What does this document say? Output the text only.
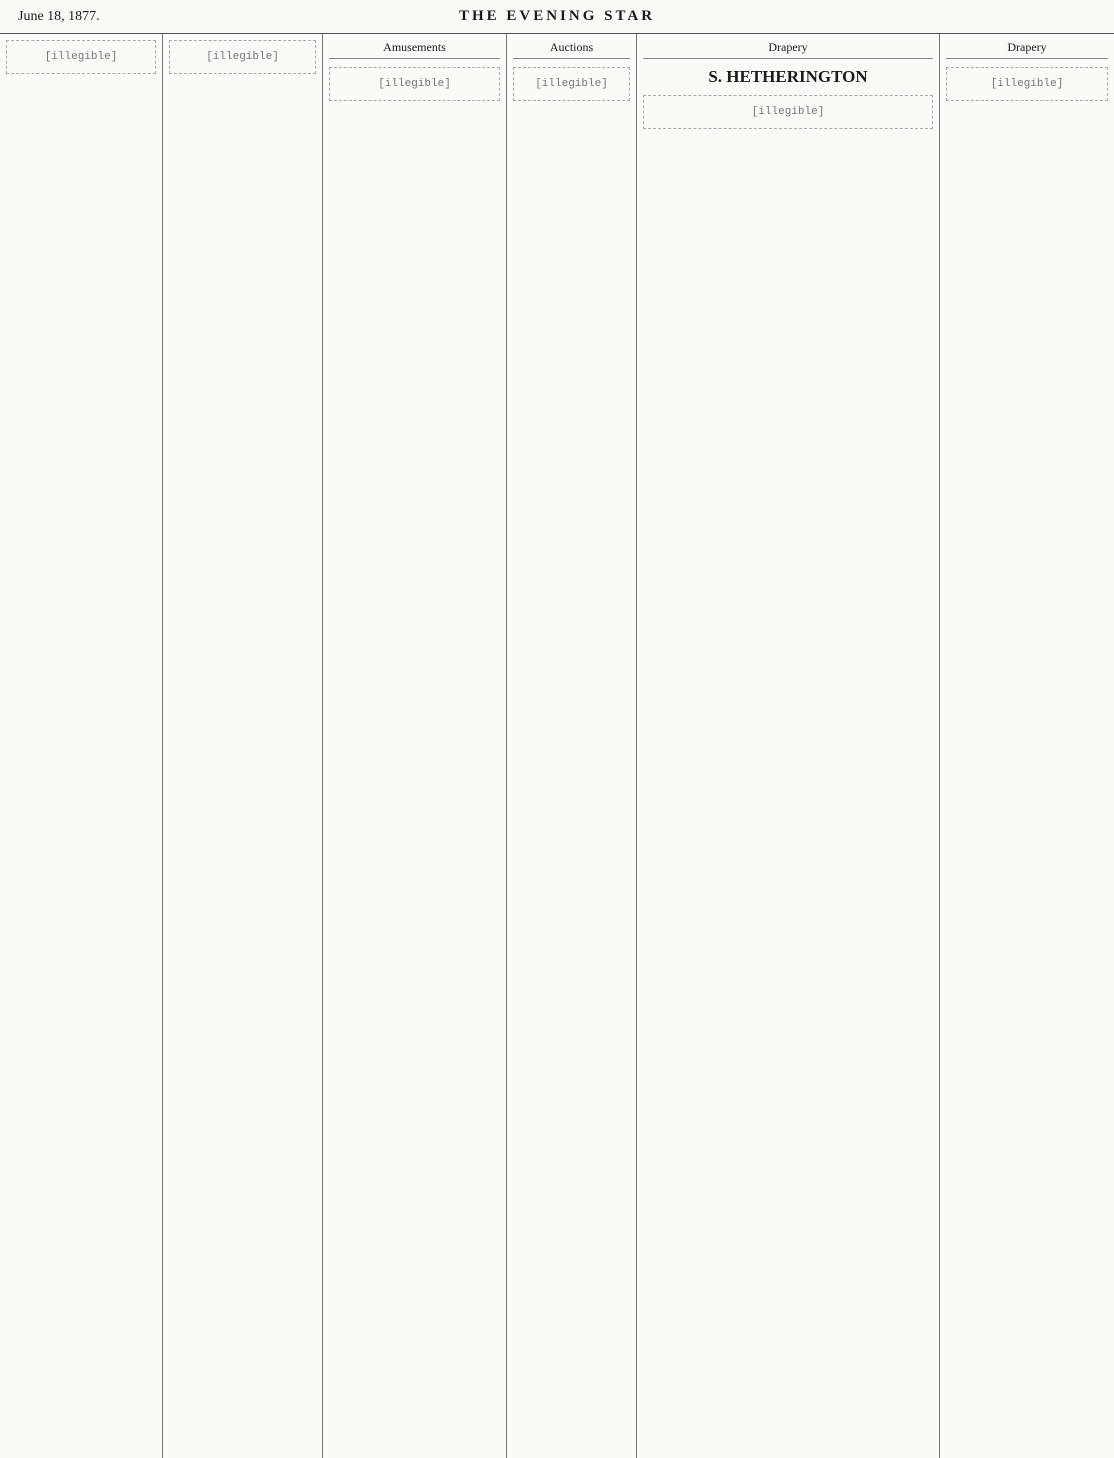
June 18, 1877.	THE EVENING STAR
[illegible]	[illegible]
Amusements
[illegible]
Auctions
[illegible]
Drapery
S. HETHERINGTON
[illegible]
Drapery
[illegible]
